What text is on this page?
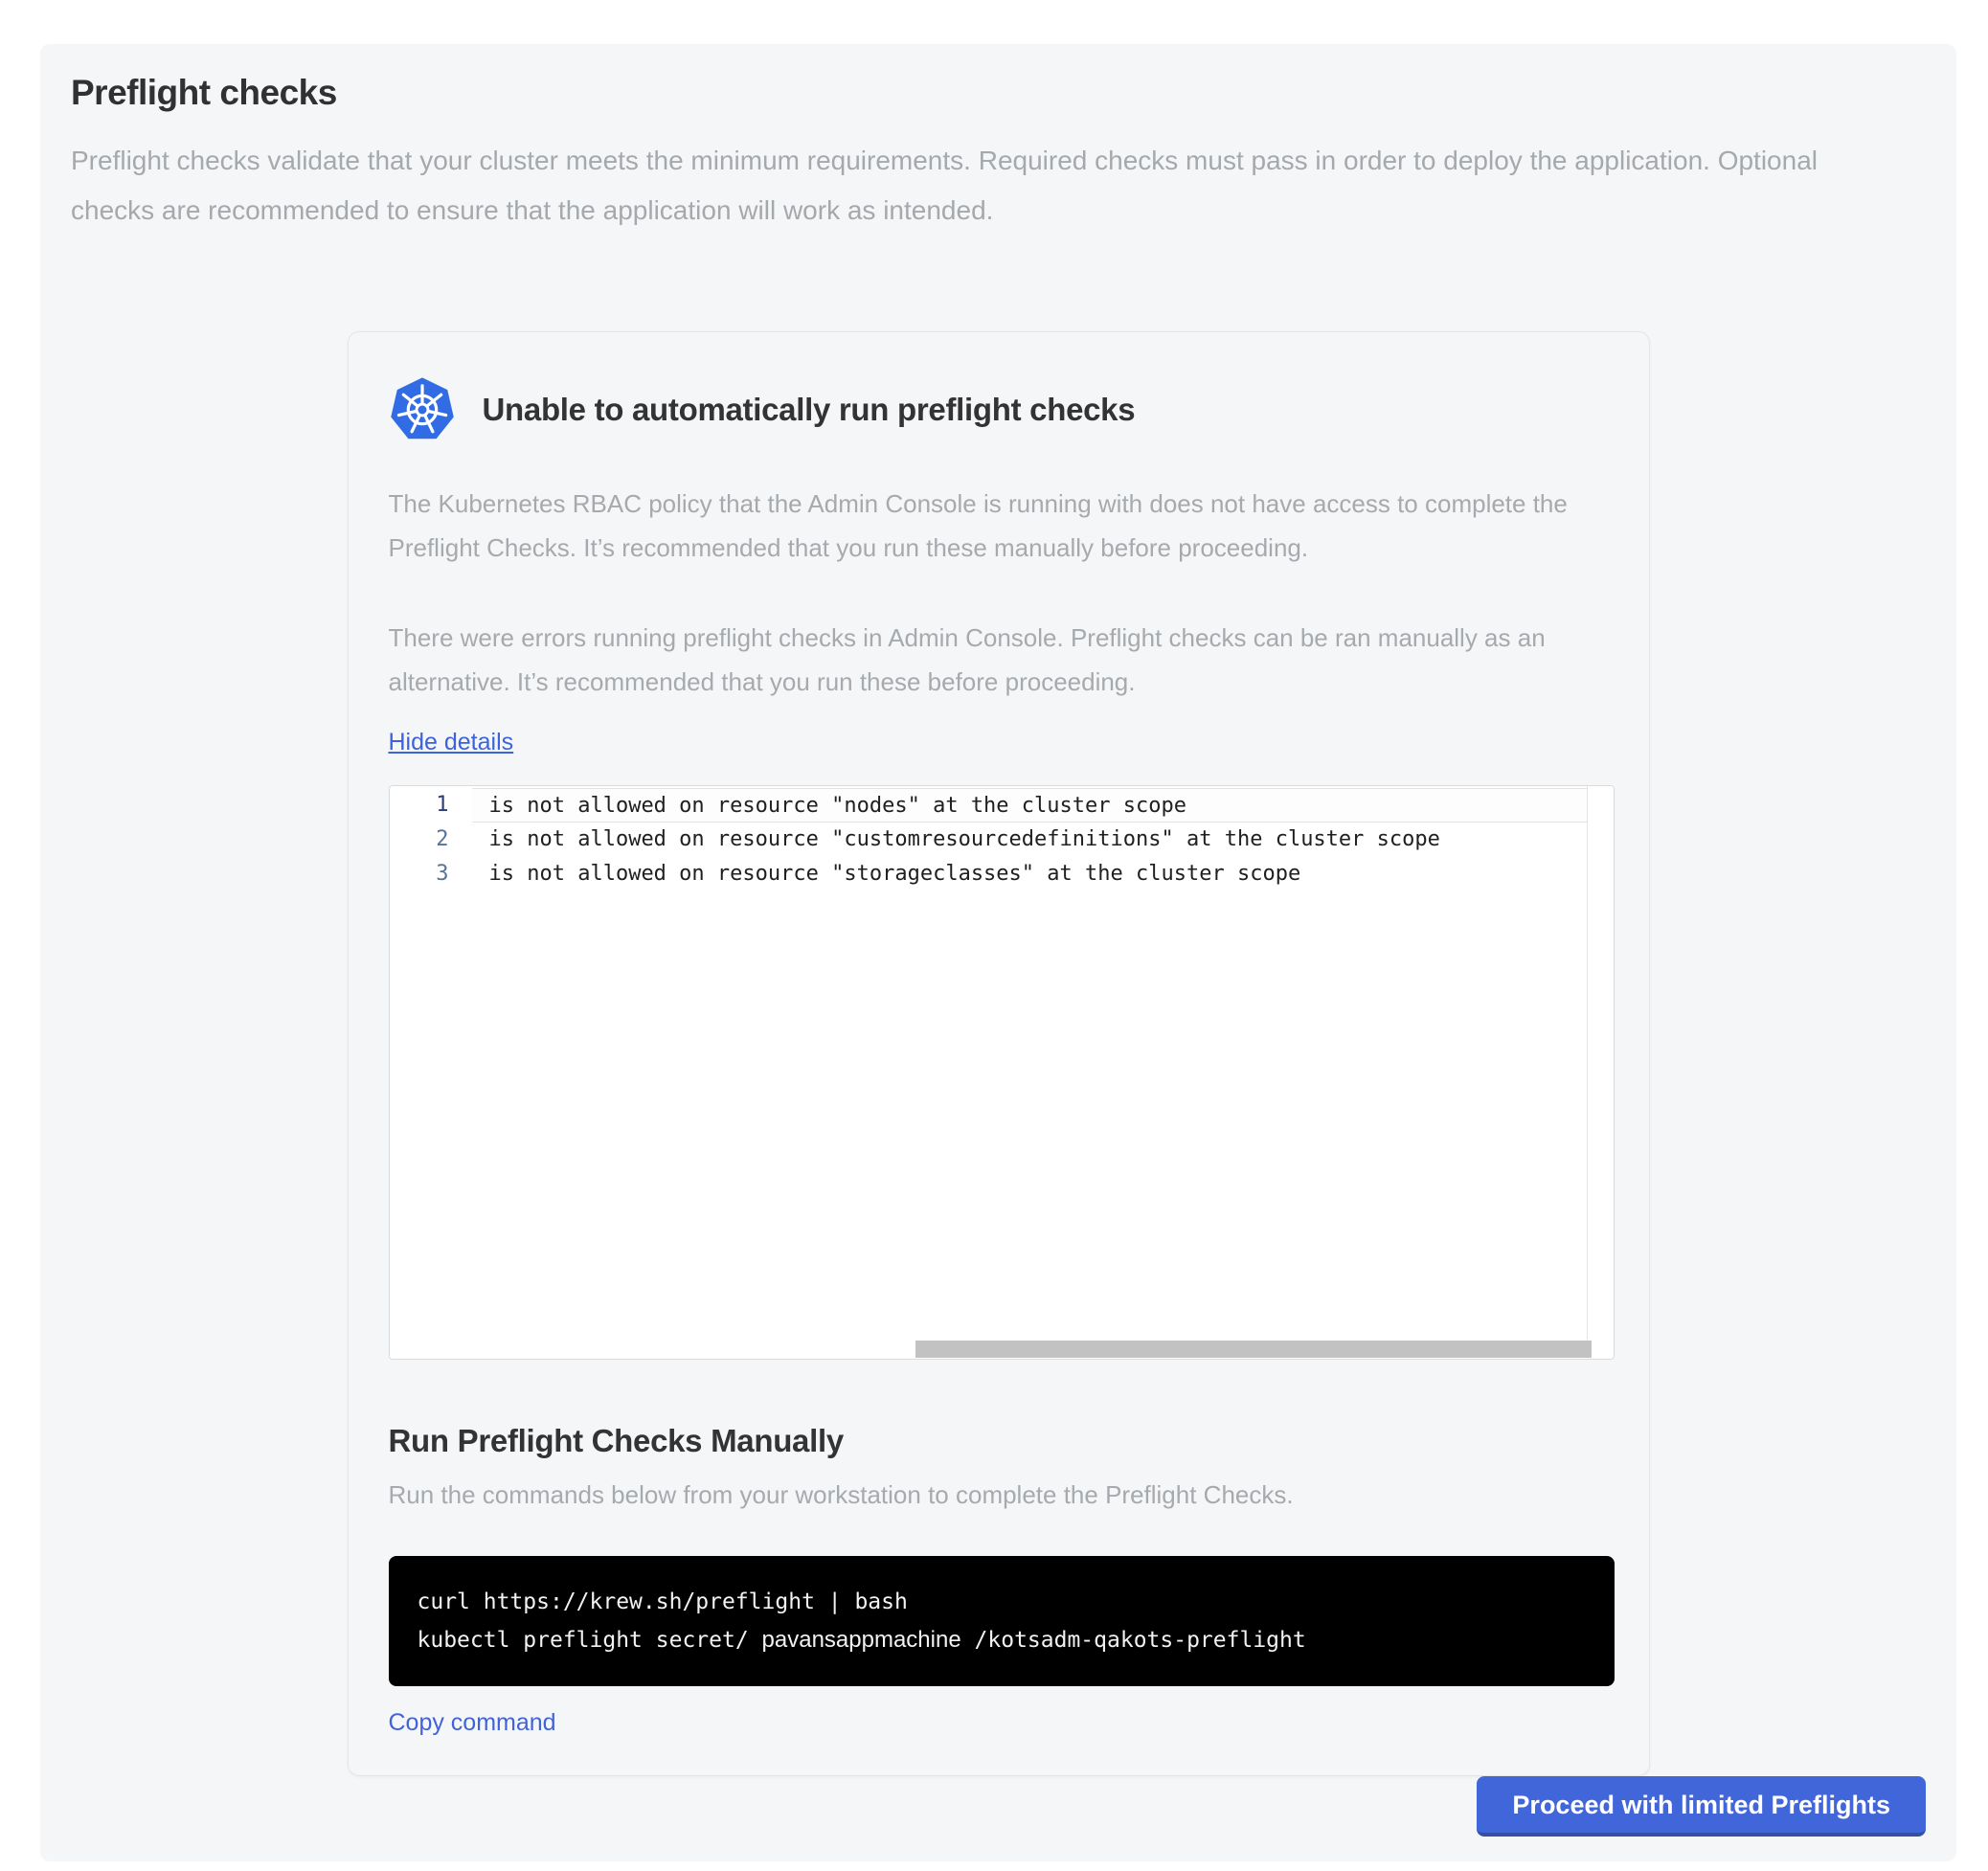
Preflight checks

Preflight checks validate that your cluster meets the minimum requirements. Required checks must pass in order to deploy the application. Optional checks are recommended to ensure that the application will work as intended.

Unable to automatically run preflight checks

The Kubernetes RBAC policy that the Admin Console is running with does not have access to complete the Preflight Checks. It’s recommended that you run these manually before proceeding.

There were errors running preflight checks in Admin Console. Preflight checks can be ran manually as an alternative. It’s recommended that you run these before proceeding.

Hide details
1	is not allowed on resource "nodes" at the cluster scope
2	is not allowed on resource "customresourcedefinitions" at the cluster scope
3	is not allowed on resource "storageclasses" at the cluster scope
Run Preflight Checks Manually
Run the commands below from your workstation to complete the Preflight Checks.
curl https://krew.sh/preflight | bash
kubectl preflight secret/ pavansappmachine /kotsadm-qakots-preflight
Copy command
Proceed with limited Preflights
